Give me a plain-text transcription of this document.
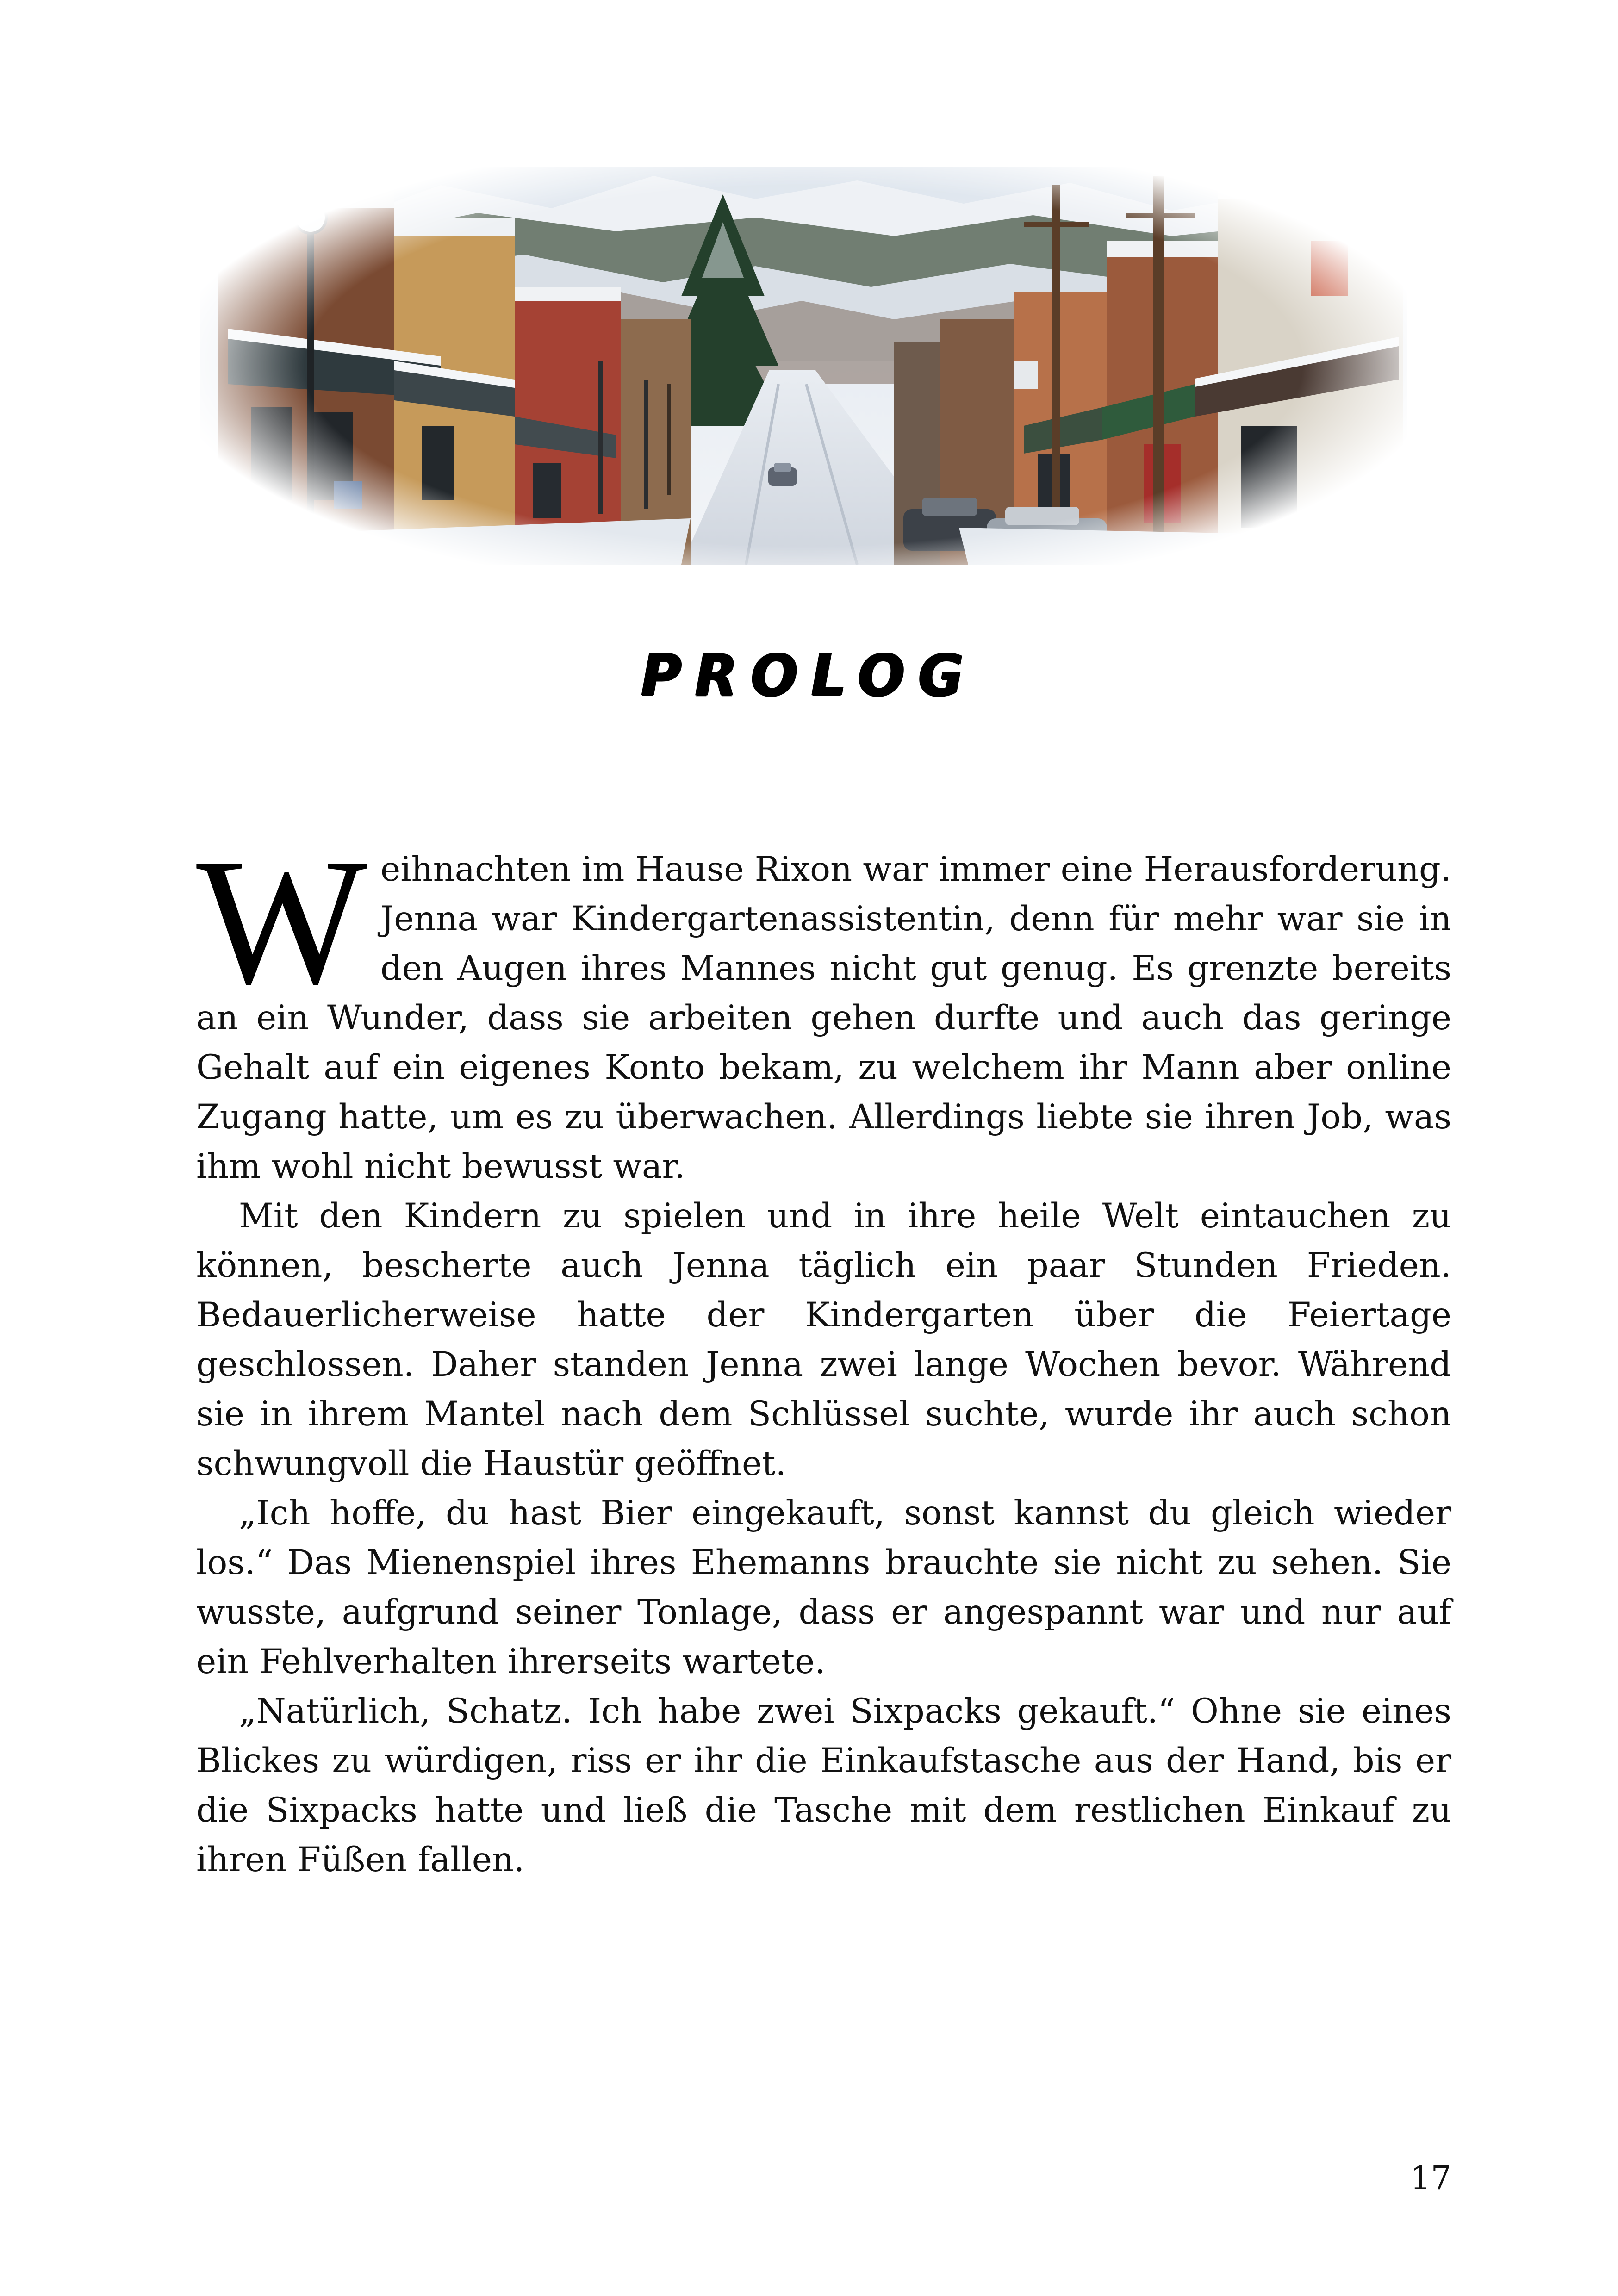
PROLOG

Weihnachten im Hause Rixon war immer eine Herausforderung. Jenna war Kindergartenassistentin, denn für mehr war sie in den Augen ihres Mannes nicht gut genug. Es grenzte bereits an ein Wunder, dass sie arbeiten gehen durfte und auch das geringe Gehalt auf ein eigenes Konto bekam, zu welchem ihr Mann aber online Zugang hatte, um es zu überwachen. Allerdings liebte sie ihren Job, was ihm wohl nicht bewusst war.

Mit den Kindern zu spielen und in ihre heile Welt eintauchen zu können, bescherte auch Jenna täglich ein paar Stunden Frieden. Bedauerlicherweise hatte der Kindergarten über die Feiertage geschlossen. Daher standen Jenna zwei lange Wochen bevor. Während sie in ihrem Mantel nach dem Schlüssel suchte, wurde ihr auch schon schwungvoll die Haustür geöffnet.

„Ich hoffe, du hast Bier eingekauft, sonst kannst du gleich wieder los.“ Das Mienenspiel ihres Ehemanns brauchte sie nicht zu sehen. Sie wusste, aufgrund seiner Tonlage, dass er angespannt war und nur auf ein Fehlverhalten ihrerseits wartete.

„Natürlich, Schatz. Ich habe zwei Sixpacks gekauft.“ Ohne sie eines Blickes zu würdigen, riss er ihr die Einkaufstasche aus der Hand, bis er die Sixpacks hatte und ließ die Tasche mit dem restlichen Einkauf zu ihren Füßen fallen.

17
